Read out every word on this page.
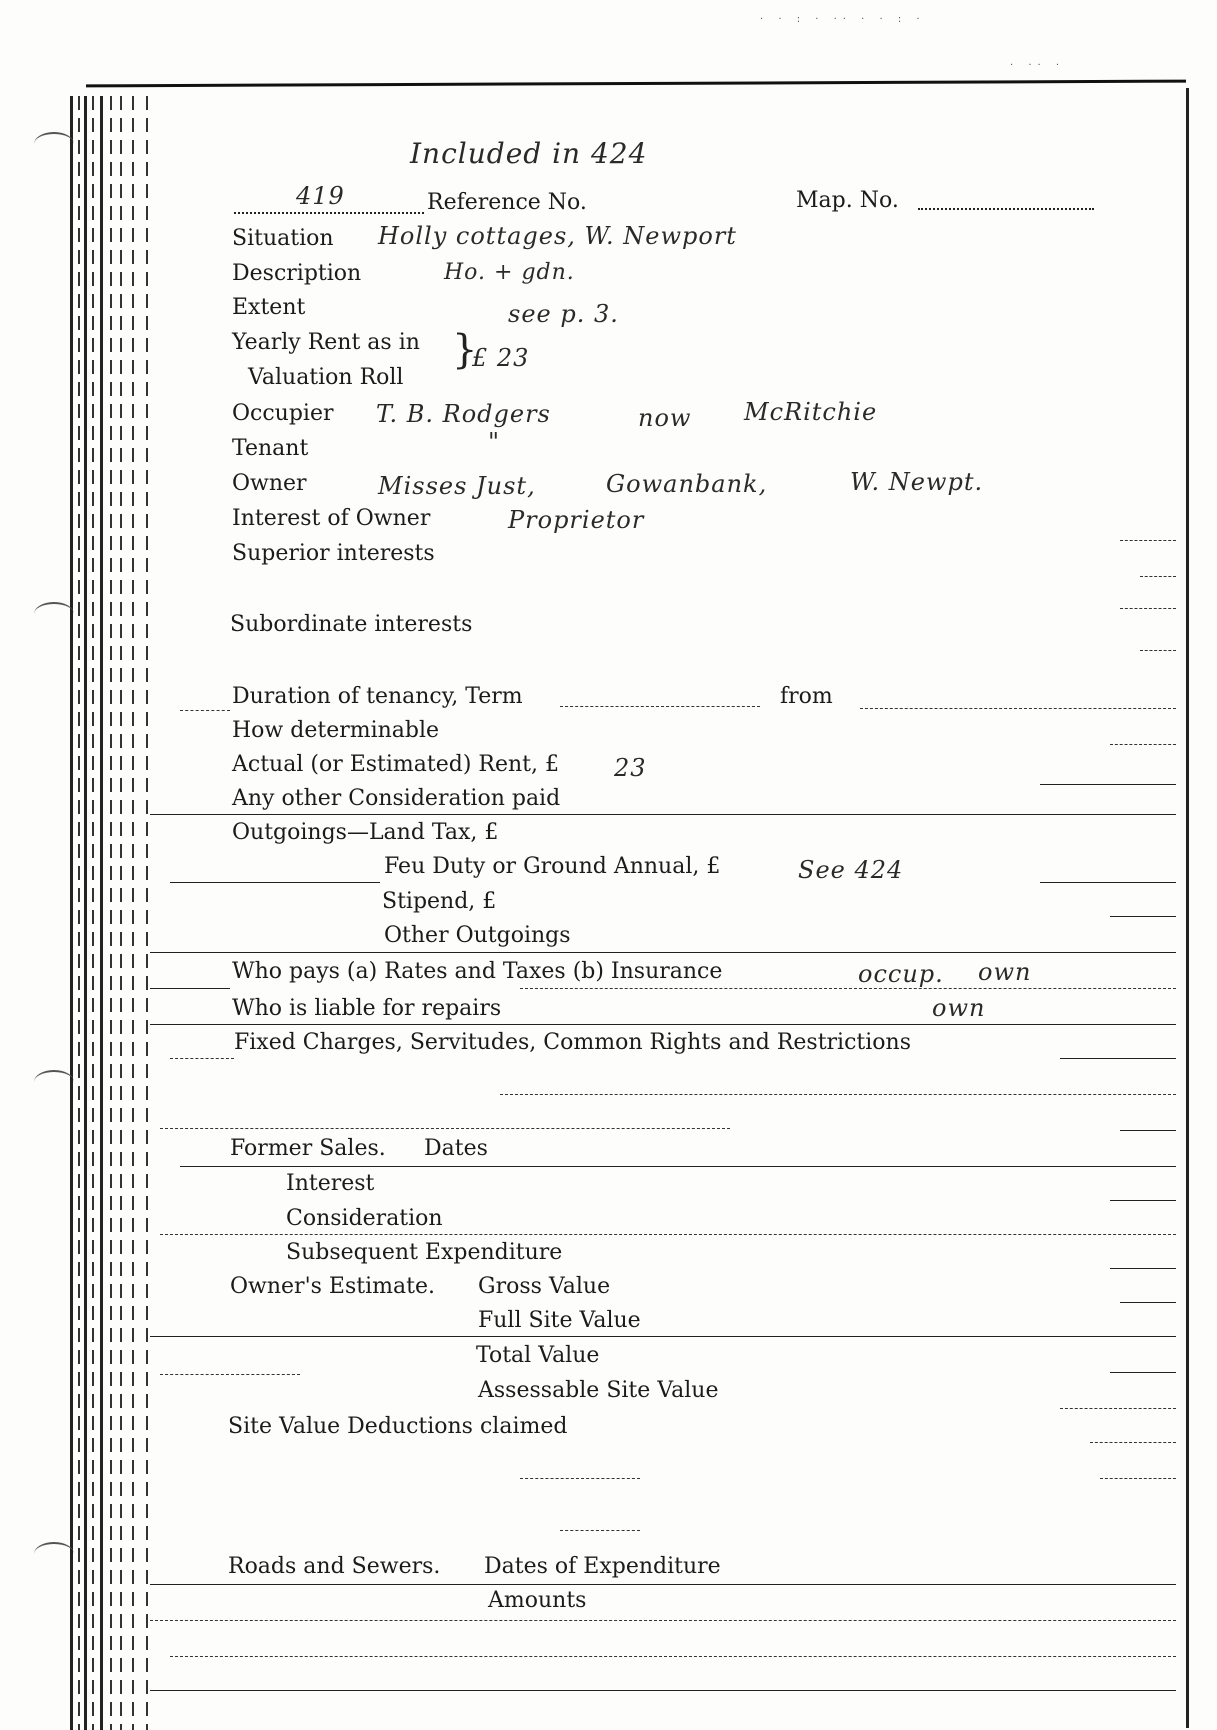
· · : · ·· · · : ·
· ·· ·
Included in 424
419	Reference No.	Map. No.
Situation Holly cottages, W. Newport
Description	Ho. + gdn.
Extent	see p. 3.
Yearly Rent as in
Valuation Roll
}
£ 23
Occupier T. B. Rodgers	now McRitchie
Tenant	"
Owner	Misses Just,	Gowanbank,	W. Newpt.
Interest of Owner	Proprietor
Superior interests
Subordinate interests
Duration of tenancy, Term	from
How determinable
Actual (or Estimated) Rent, £ 23
Any other Consideration paid
Outgoings—Land Tax, £
Feu Duty or Ground Annual, £	See 424
Stipend, £
Other Outgoings
Who pays (a) Rates and Taxes (b) Insurance	occup. own
Who is liable for repairs	own
Fixed Charges, Servitudes, Common Rights and Restrictions
Former Sales. Dates
Interest
Consideration
Subsequent Expenditure
Owner's Estimate. Gross Value
Full Site Value
Total Value
Assessable Site Value
Site Value Deductions claimed
Roads and Sewers. Dates of Expenditure
Amounts
